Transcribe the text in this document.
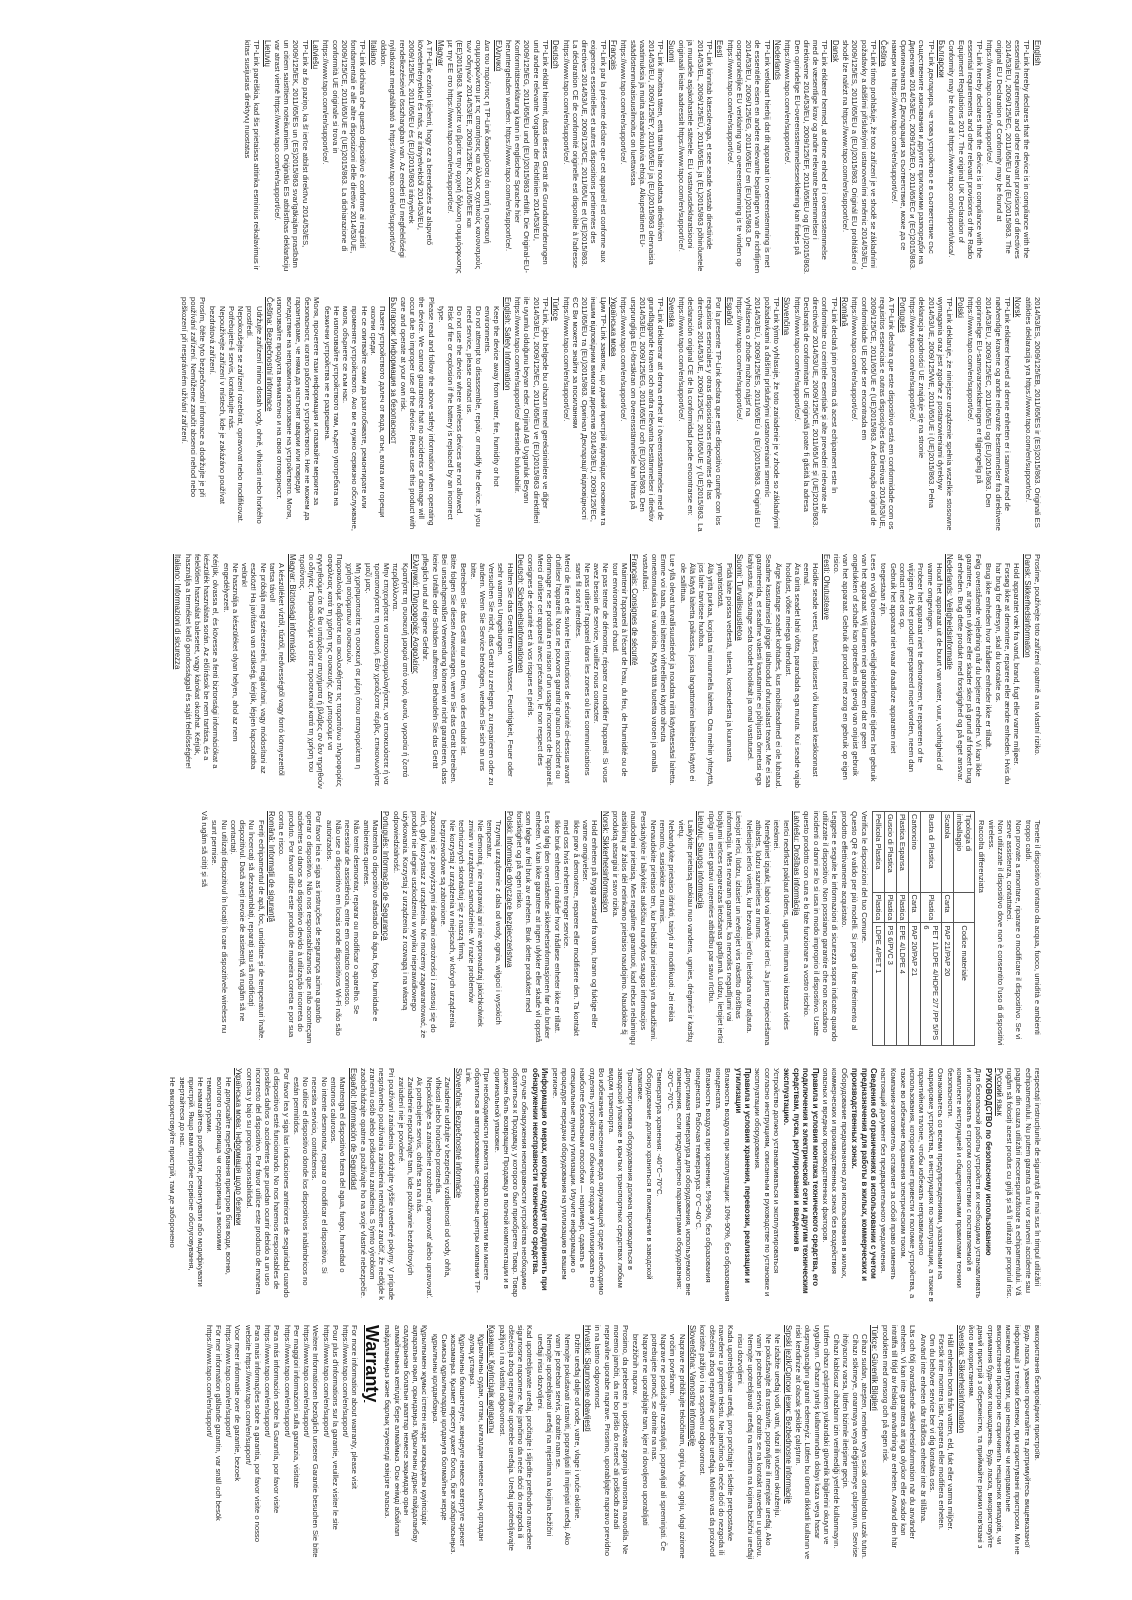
English

TP-Link hereby declares that the device is in compliance with the essential requirements and other relevant provisions of directives 2014/53/EU, 2009/125/EC, 2011/65/EU and (EU)2015/863. The original EU Declaration of Conformity may be found at https://www.tapo.com/en/support/ce/.

TP-Link hereby declares that the device is in compliance with the essential requirements and other relevant provisions of the Radio Equipment Regulations 2017. The original UK Declaration of Conformity may be found at https://www.tapo.com/support/ukca/.

Български

TP-Link декларира, че това устройство е в съответствие със съществените изисквания и другите приложими разпоредби на Директиви 2014/53/EC, 2009/125/ЕО, 2011/65/EC и (EC)2015/863. Оригиналната ЕС Декларация за съответствие, може да се намери на https://www.tapo.com/en/support/ce/.

Čeština

TP-Link tímto prohlašuje, že toto zařízení je ve shodě se základními požadavky a dalšími příslušnými ustanoveními směrnic 2014/53/EU, 2009/125/ES, 2011/65/EU a (EU)2015/863. Originál EU prohlášení o shodě lze nalézt na https://www.tapo.com/en/support/ce/.

Dansk

TP-Link erklærer hermed, at denne enhed er i overensstemmelse med de væsentlige krav og andre relevante bestemmelser i direktiverne 2014/53/EU, 2009/125/EF, 2011/65/EU og (EU)2015/863. Den oprindelige EU-overensstemmelseserklæring kan findes på https://www.tapo.com/en/support/ce/.

Nederlands

TP-Link verklaart hierbij dat dit apparaat in overeenstemming is met de essentiële eisen en andere relevante bepalingen van de richtlijnen 2014/53/EU, 2009/125/EG, 2011/65/EU en (EU)2015/863. De oorspronkelijke EU verklaring van overeenstemming is te vinden op https://www.tapo.com/en/support/ce/.

Eesti

TP-Link kinnitab käesolevaga, et see seade vastab direktiivide 2014/53/EL, 2009/125/EÜ, 2011/65/EL ja (EL)2015/863 põhinõuetele ja muudele asjakohastele sätetele. ELi vastavusdeklaratsiooni originaali leiate aadressilt https://www.tapo.com/en/support/ce/.

Suomi

TP-Link ilmoittaa täten, että tämä laite noudattaa direktiivien 2014/53/EU, 2009/125/EY, 2011/65/EU ja (EU)2015/863 olennaisia vaatimuksia ja muita asiaankuuluvia ehtoja. Alkuperäinen EU-säädöstenmukaisuusilmoitus on luettavissa https://www.tapo.com/en/support/ce/.

Français

TP-Link par la présente déclare que cet appareil est conforme aux exigences essentielles et autres dispositions pertinentes des directives 2014/53/UE, 2009/125/CE, 2011/65/UE et (UE)2015/863. La déclaration CE de conformité originelle est disponible à l'adresse https://www.tapo.com/en/support/ce/.

Deutsch

TP-Link erklärt hiermit, dass dieses Gerät die Grundanforderungen und andere relevante Vorgaben der Richtlinien 2014/53/EU, 2009/125/EG, 2011/65/EU und (EU)2015/863 erfüllt. Die Original-EU-Konformitätserklärung kann in englischer Sprache hier heruntergeladen werden: https://www.tapo.com/en/support/ce/.

Ελληνικά

Δια του παρόντος η TP-Link διακηρύσσει ότι αυτή η συσκευή συμμορφώνεται με τις απαιτήσεις και άλλους σχετικούς κανονισμούς των οδηγιών 2014/53/ΕΕ, 2009/125/ΕΚ, 2011/65/ΕΕ και (ΕΕ)2015/863. Μπορείτε να βρείτε την αρχική δήλωση συμμόρφωσης με την ΕΕ στο https://www.tapo.com/en/support/ce/.

Magyar

A TP-Link ezúton kijelenti, hogy ez a berendezés az alapvető követelményekkel és más, az irányelvekből 2014/53/EU, 2009/125/EK, 2011/65/EU és (EU)2015/863 irányelvek rendelkezéseivel összhangban van. Az eredeti EU megfelelőségi nyilatkozat megtalálható a https://www.tapo.com/en/support/ce/ oldalon.

Italiano

TP-Link dichiara che questo dispositivo è conforme ai requisiti fondamentali e alle altre disposizioni delle direttive 2014/53/UE, 2009/125/CE, 2011/65/UE e (UE)2015/863. La dichiarazione di conformità UE originale si trova in https://www.tapo.com/en/support/ce/.

Latviešu

TP-Link ar šo paziņo, ka šī ierīce atbilst direktīvu 2014/53/ES, 2009/125/EK, 2011/65/ES un (ES)2015/863 svarīgākajām prasībām un citiem saistītiem noteikumiem. Oriģinālo ES atbilstības deklarāciju var atrast vietnē https://www.tapo.com/en/support/ce/.

Lietuvių

TP-Link pareiškia, kad šis prietaisas atitinka esminius reikalavimus ir kitas susijusias direktyvų nuostatas

2014/53/ES, 2009/125/EB, 2011/65/ES ir (ES)2015/863. Originali ES atitikties deklaracija yra https://www.tapo.com/en/support/ce/.

Norsk

TP-Link erklærer herved at denne enheten er i samsvar med de nødvendige kravene og andre relevante bestemmelser fra direktivene 2014/53/EU, 2009/125/EC, 2011/65/EU og (EU)2015/863. Den opprinnelige EU-samsvarserklæringen er tilgjengelig på https://www.tapo.com/en/support/ce/.

Polski

TP-Link deklaruje, że niniejsze urządzenie spełnia wszelkie stosowne wymagania oraz jest zgodne z postanowieniami dyrektyw 2014/53/UE, 2009/125/WE, 2011/65/UE i (UE)2015/863. Pełna deklaracja zgodności UE znajduje się na stronie https://www.tapo.com/en/support/ce/.

Português

A TP-Link declara que este dispositivo está em conformidade com os requisitos essenciais e outras disposições das Diretivas 2014/53/UE, 2009/125/CE, 2011/65/UE e (UE)2015/863. A declaração original de conformidade UE pode ser encontrada em https://www.tapo.com/en/support/ce/.

Română

TP-Link declară prin prezenta că acest echipament este în conformitate cu cerințele esențiale și alte prevederi relevante ale directivelor 2014/53/UE, 2009/125/CE, 2011/65/UE și (UE)2015/863. Declarația de conformitate UE originală poate fi găsită la adresa https://www.tapo.com/en/support/ce/.

Slovenčina

TP-Link týmto vyhlasuje, že toto zariadenie je v zhode so základnými požiadavkami a ďalšími príslušnými ustanoveniami smerníc 2014/53/EÚ, 2009/125/ES, 2011/65/EÚ a (EÚ)2015/863. Originál EU vyhlásenia o zhode možno nájsť na https://www.tapo.com/en/support/ce/.

Español

Por la presente TP-Link declara que este dispositivo cumple con los requisitos esenciales y otras disposiciones relevantes de las directivas 2014/53/UE, 2009/125/CE, 2011/65/UE y (UE)2015/863. La declaración original CE de la conformidad puede encontrarse en: https://www.tapo.com/en/support/ce/.

Svenska

TP-Link deklarerar att denna enhet är i överensstämmelse med de grundläggande kraven och andra relevanta bestämmelser i direktiv 2014/53/EU, 2009/125/EG, 2011/65/EU och (EU)2015/863. Den ursprungliga EU-försäkran om överensstämmelse kan hittas på https://www.tapo.com/en/support/ce/.

Українська мова

Цим TP-Link заявляє, що даний пристрій відповідає основним та іншим відповідним вимогам директив 2014/53/EU, 2009/125/EC, 2011/65/EU та (EU)2015/863. Оригінал Декларації відповідності ЄС Ви можете знайти за посиланням https://www.tapo.com/en/support/ce/.

Türkçe

TP-Link, işbu belgede bu cihazın temel gereksinimlere ve diğer 2014/53/EU, 2009/125/EC, 2011/65/EU ve (EU)2015/863 direktifleri ile uyumlu olduğunu beyan eder. Orijinal AB Uygunluk Beyanı https://www.tapo.com/en/support/ce/ adresinde bulunabilir.

English: Safety Information

• Keep the device away from water, fire, humidity or hot environments.
• Do not attempt to disassemble, repair, or modify the device. If you need service, please contact us.
• Do not use the device where wireless devices are not allowed.
• Risk of fire or explosion if the battery is replaced by an incorrect type.

Please read and follow the above safety information when operating the device. We cannot guarantee that no accidents or damage will occur due to improper use of the device. Please use this product with care and operate at your own risk.

Български: Информация за безопасност

• Пазете устройството далеч от вода, огън, влага или горещи околни среди.
• Не се опитвайте сами да разглобявате, ремонтирате или променяте устройството. Ако ви е нужно сервизно обслужване, моля, обърнете се към нас.
• Не използвайте устройството там, където употребата на безжични устройства не е разрешена.

Моля, прочетете тази информация и спазвайте мерките за безопасност, когато работите с устройството. Ние не можем да гарантираме, че няма да настъпят аварии или повреди вследствие на неправилно използване на устройството. Моля, използвайте продукта внимателно и на своя отговорност.

Čeština: Bezpečnostní informace

• Udržujte zařízení mimo dosah vody, ohně, vlhkosti nebo horkého prostředí.
• Nepokoušejte se zařízení rozebírat, opravovat nebo modifikovat. Potřebujete-li servis, kontaktujte nás.
• Nepoužívejte zařízení v místech, kde je zakázáno používat bezdrátová zařízení.

Prosím, čtěte tyto bezpečnostní informace a dodržujte je při používání zařízení. Nemůžeme zaručit absenci nehod nebo poškození při nesprávném užívání zařízení.

Prosíme, používejte toto zařízení opatrně a na vlastní riziko.

Dansk: Sikkerhedsinformation

• Hold apparatet væk fra vand, brand, fugt eller varme miljøer.
• Forsøg ikke at demontere, reparere eller ændre enheden. Hvis du har brug for eftersyn, skal du kontakte os.
• Brug ikke enheden hvor trådløse enheder ikke er tilladt.

Følg ovenstående vejledning når du betjener enheden. Vi kan ikke garantere, at ingen ulykker eller skader sker på grund af forkert brug af enheden. Brug dette produkt med forsigtighed og på eget ansvar.

Nederlands: Veiligheidsinformatie

• Houd het apparaat uit de buurt van water, vuur, vochtigheid of warme omgevingen.
• Probeer het apparaat niet te demonteren, te repareren of te wijzigen. Als het product gerepareerd moet worden, neem dan contact met ons op.
• Gebruik het apparaat niet waar draadloze apparaten niet toegestaan zijn.

Lees en volg bovenstaande veiligheidsinformatie tijdens het gebruik van het apparaat. Wij kunnen niet garanderen dat er geen ongelukken of schade kan optreden als gevolg van onjuist gebruik van het apparaat. Gebruik dit product met zorg en gebruik op eigen risico.

Eesti: Ohutusteave

• Hoidke seade veest, tulest, niiskusest või kuumast keskkonnast eemal.
• Ära üritä seadet lahti võtta, parandada ega muuta. Kui seade vajab hooldust, võtke meiega ühendust.
• Ärge kasutage seadet kohtades, kus mobiilseadmed ei ole lubatud.

Seadme kasutamisel järgige ülaltoodud ohutusalast teavet. Me ei saa garanteerida, et seadme valesti kasutamine ei põhjusta õnnetusi ega kahjustusi. Kasutage seda toodet hoolikalt ja omal vastutusel.

Suomi: Turvallisuustietoa

• Pidä laite poissa vedestä, tulesta, kosteudesta ja kuumasta ympäristöstä.
• Älä yritä purkaa, korjata tai muunnella laitetta. Ota meihin yhteyttä, jos laite tarvitsee huoltoa.
• Älä käytä laitetta paikassa, jossa langattomien laitteiden käyttö ei ole sallittua.

Lue yllä olevat turvallisuustiedot ja noudata niitä käyttäessäsi laitetta. Emme voi taata, ettei laitteen virheellinen käyttö aiheuta onnettomuuksia tai vaurioita. Käytä tätä tuotetta varoen ja omalla vastuullasi.

Français: Consignes de sécurité

• Maintenir l'appareil à l'écart de l'eau, du feu, de l'humidité ou de tout environnement chaud.
• Ne pas tenter de démonter, réparer ou modifier l'appareil. Si vous avez besoin de service, veuillez nous contacter.
• Ne pas utiliser l'appareil dans les zones où les communications sans fil sont interdites.

Merci de lire et de suivre les instructions de sécurité ci-dessus avant d'utiliser l'appareil. Nous ne pouvons garantir qu'aucun accident ou dommage ne se produira en raison d'un usage incorrect de l'appareil. Merci d'utiliser cet appareil avec précaution, le non respect des consignes de sécurité est à vos risques et périls.

Deutsch: Sicherheitsinformationen

• Halten Sie das Gerät fern von Wasser, Feuchtigkeit, Feuer oder sehr warmen Umgebungen.
• Versuchen Sie nicht, das Gerät zu zerlegen, zu reparieren oder zu ändern. Wenn Sie Service benötigen, wenden Sie sich an uns bitte.
• Betreiben Sie das Gerät nur an Orten, wo dies erlaubt ist.

Bitte folgen Sie diesen Anweisungen, wenn Sie das Gerät betreiben. Bei unsachgemäßer Verwendung können wir nicht garantieren, dass keine Unfälle oder Schäden auftreten. Behandeln Sie das Gerät pfleglich und auf eigene Gefahr.

Ελληνικά: Πληροφορίες Ασφαλείας

• Κρατήστε τη συσκευή μακριά από νερό, φωτιά, υγρασία ή ζεστά περιβάλλοντα.
• Μην επιχειρήσετε να αποσυναρμολογήσετε, να επισκευάσετε ή να τροποποιήσετε τη συσκευή. Εάν χρειάζεστε σέρβις, επικοινωνήστε μαζί μας.
• Μη χρησιμοποιείτε τη συσκευή σε μέρη όπου απαγορεύεται η χρήση ασύρματων συσκευών.

Παρακαλούμε διαβάστε και ακολουθήστε τις παραπάνω πληροφορίες ασφάλειας κατά τη χρήση της συσκευής. Δεν μπορούμε να εγγυηθούμε ότι δε θα υπάρξουν ατυχήματα ή βλάβες αν δεν τηρηθούν οι οδηγίες. Παρακαλούμε να είστε προσεκτικοί κατά τη χρήση του προϊόντος.

Magyar: Biztonsági információk

• A készüléket víztől, tűztől, nedvességtől vagy forró környezettől tartsa távol!
• Ne próbálja meg szétszerelni, megjavítani, vagy módosítani az eszközt! Ha javításra van szükség, kérjük, lépjen kapcsolatba velünk!
• Ne használja a készüléket olyan helyen, ahol az nem engedélyezett.

Kérjük, olvassa el, és kövesse a fenti biztonsági információkat a készülék használata során. Az előírások be nem tartása, és a felelőtlen használat balesetet, vagy károkat okozhat. Kérjük, használja a terméket kellő gondossággal és saját felelősségére!

Italiano: Informazioni di sicurezza

• Tenete il dispositivo lontano da acqua, fuoco, umidità e ambienti troppo caldi.
• Non provate a smontare, riparare o modificare il dispositivo. Se vi serve assistenza, contattateci.
• Non utilizzate il dispositivo dove non è consentito l'uso di dispositivi wireless.
• Raccolta differenziata
Tipologia di imballaggio		Codice materiale
Scatola	Carta	PAP 21/PAP 20
Busta di Plastica	Plastica	PET 1/LDPE 4/HDPE 2/7 /PP 5/PS 6
Cartoncino	Carta	PAP 20/PAP 21
Plastica Espansa	Plastica	EPE 4/LDPE 4
Guscio di Plastica	Plastica	PS 6/PVC 3
Pellicola Plastica	Plastica	LDPE 4/PET 1

Verifica le disposizioni del tuo Comune.

Questo QR è valido per più modelli. Si prega di fare riferimento al prodotto effettivamente acquistato.

Leggete e seguite le informazioni di sicurezza sopra indicate quando utilizzate il dispositivo. Non possiamo garantire che non accadano incidenti o danni se lo si usa in modo improprio il dispositivo. Usate questo prodotto con cura e lo fate funzionare a vostro rischio.

Latviešu: Drošības informācija

• Ierīci nedrīkst pakļaut ūdens, uguns, mitruma vai karstas vides ietekmei.
• Nemēģiniet izjaukt, labot vai pārveidot ierīci. Ja jums nepieciešama atbalsts, lūdzu sazinieties ar mums.
• Nelietojiet ierīci vietās, kur bezvadu ierīču lietošana nav atļauta.

Lietojot ierīci, lūdzu, izlasiet un ievērojiet virs rakstīto drošības informāciju. Mēs nevaram garantēt, ka nenotiks negadījumi vai bojājumi ierīces nepareizas lietošanas gadījumā. Lūdzu, lietojiet ierīci rūpīgi un esiet gatavi uzņemties atbildību par savu rīcību.

Lietuvių: Saugos informacija

• Laikykite prietaisą atokiau nuo vandens, ugnies, drėgmės ir karštų vietų.
• Nebandykite prietaiso išrinkti, taisyti ar modifikuoti. Jei reikia remonto, susisiekite su mumis.
• Nenaudokite prietaiso ten, kur belaidžiai prietaisai yra draudžiami.

Perskaitykite ir laikykitės aukščiau nurodytos saugos informacijos naudodami prietaisą. Mes negalime garantuoti, kad nebus nelaimingų atsitikimų ar žalos dėl netinkamo prietaiso naudojimo. Naudokite šį produktą atsargiai ir savo rizika.

Norsk: Sikkerhetsinformasjon

• Hold enheten på trygg avstand fra vann, brann og fuktige eller varme omgivelser.
• Ikke prøv å demontere, reparere eller modifisere den. Ta kontakt med oss hvis enheten trenger service.
• Ikke bruk enheten i områder hvor trådløse enheter ikke er tillatt.

Les og følg den ovenstående sikkerhetsinformasjonen før du bruker enheten. Vi kan ikke garantere at ingen ulykker eller skade vil oppstå som følge av feil bruk av enheten. Bruk dette produktet med forsiktighet og på egen risiko.

Polski: Informacje dotyczące bezpieczeństwa

• Trzymaj urządzenie z dala od wody, ognia, wilgoci i wysokich temperatur.
• Nie demontuj, nie naprawiaj ani nie wprowadzaj jakichkolwiek zmian w urządzeniu samodzielnie. W razie problemów technicznych skontaktuj się z naszą firmą.
• Nie korzystaj z urządzenia w miejscach, w których urządzenia bezprzewodowe są zabronione.

Zapoznaj się z powyższymi środkami ostrożności i zastosuj się do nich, gdy korzystasz z urządzenia. Nie możemy zagwarantować, że produkt nie ulegnie uszkodzeniu w wyniku nieprawidłowego użytkowania. Korzystaj z urządzenia z rozwagą i na własną odpowiedzialność.

Português: Informação de Segurança

• Mantenha o dispositivo afastado da água, fogo, humidade e ambientes quentes.
• Não tente desmontar, reparar ou modificar o aparelho. Se necessitar de assistência, entre em contacto connosco.
• Não use o dispositivo em locais onde dispositivos Wi-Fi não são autorizados.

Por favor leia e siga as instruções de segurança acima quando operar o dispositivo. Não nos responsabilizamos que não aconteçam acidentes ou danos ao dispositivo devido à utilização incorreta do produto. Por favor utilize este produto de maneira correta e por sua conta e risco.

Română: Informații de siguranță

• Feriți echipamentul de apă, foc, umiditate și de temperaturi înalte.
• Nu încercați să dezasamblați, reparați sau să modificați dispozitivul. Dacă aveți nevoie de asistență, vă rugăm să ne contactați.
• Nu utilizați dispozitivul în locații în care dispozitivele wireless nu sunt permise.

Vă rugăm să citiți și să

respectați instrucțiunile de siguranță de mai sus în timpul utilizării echipamentului. Nu putem garanta că nu vor surveni accidente sau pagube din cauza utilizării necorespunzătoare a echipamentului. Vă rugăm să folosiți acest produs cu grijă și să îl utilizați pe propriul risc.

Русский язык

РУКОВОДСТВО по безопасному использованию

Для безопасной работы устройств их необходимо устанавливать и использовать в строгом соответствии с поставляемой в комплекте инструкцией и общепринятыми правилами техники безопасности.

Ознакомьтесь со всеми предупреждениями, указанными на маркировке устройства, в инструкциях по эксплуатации, а также в гарантийном талоне, чтобы избежать неправильного использования, которое может привести к поломке устройства, а также во избежание поражения электрическим током.

Компания-изготовитель оставляет за собой право изменять настоящий документ без предварительного уведомления.

Сведения об ограничениях в использовании с учетом предназначения для работы в жилых, коммерческих и производственных зонах.

Оборудование предназначено для использования в жилых, коммерческих и производственных зонах без воздействия опасных и вредных производственных факторов.

Правила и условия монтажа технического средства, его подключения к электрической сети и другим техническим средствам, пуска, регулирования и введения в эксплуатацию.

Устройство должно устанавливаться и эксплуатироваться согласно инструкциям, описанным в руководстве по установке и эксплуатации оборудования.

Правила и условия хранения, перевозки, реализации и утилизации

Влажность воздуха при эксплуатации: 10%-90%, без образования конденсата.

Влажность воздуха при хранении: 5%-90%, без образования конденсата. Рабочая температура: 0°C~40°C.

Допустимая температура для оборудования, используемого вне помещения, если предусмотрено параметрами оборудования: -30°C~70°C.

Температура хранения: -40°C~70°C.

Оборудование должно храниться в помещении в заводской упаковке.

Транспортировка оборудования должна производиться в заводской упаковке в крытых транспортных средствах любым видом транспорта.

Во избежание нанесения вреда окружающей среде необходимо отделять устройство от обычных отходов и утилизировать его наиболее безопасным способом — например, сдавать в специальные пункты утилизации. Изучите информацию о процедуре передачи оборудования на утилизацию в вашем регионе.

Информация о мерах, которые следует предпринять при обнаружении неисправности технического средства.

В случае обнаружения неисправности устройства необходимо обратиться к Продавцу, у которого был приобретен Товар. Товар должен быть возвращен Продавцу в полной комплектации и в оригинальной упаковке.

При необходимости ремонта товара по гарантии вы можете обратиться в авторизованные сервисные центры компании TP-Link.

Slovenčina: Bezpečnostné informácie

• Zariadenie udržujte v bezpečnej vzdialenosti od vody, ohňa, vlhkosti alebo horúceho prostredia.
• Nepokúšajte sa zariadenie rozoberať, opravovať alebo upravovať. Ak potrebujete servis, obráťte sa na nás.
• Zariadenie nepoužívajte tam, kde používanie bezdrôtových zariadení nie je povolené.

Pri používaní zariadenia dodržujte vyššie uvedené pokyny. V prípade nesprávneho používania zariadenia nemôžeme zaručiť, že nedôjde k zraneniu osôb alebo poškodeniu zariadenia. S týmto výrobkom zaobchádzajte opatrne a používajte ho na svoje vlastné nebezpečie.

Español: Información de Seguridad

• Mantenga el dispositivo fuera del agua, fuego, humedad o entornos calurosos.
• No intente desmontar, reparar o modificar el dispositivo. Si necesita servicio, contáctenos.
• No utilice el dispositivo donde los dispositivos inalámbricos no están permitidos.

Por favor lea y siga las indicaciones anteriores de seguridad cuando el dispositivo esté funcionando. No nos haremos responsables de posibles daños o accidentes que puedan ocurrir debido a un uso incorrecto del dispositivo. Por favor utilice este producto de manera correcta y bajo su propia responsabilidad.

Українська мова: Інформація щодо безпеки

• Не допускайте перебування пристрою біля води, вогню, вологого середовища чи середовища з високими температурами.
• Не намагайтесь розбирати, ремонтувати або модифікувати пристрій. Якщо вам потрібне сервісне обслуговування, звертайтеся до нас.
• Не використовуйте пристрій, там де заборонено

використання безпровідних пристроїв.

Будь ласка, уважно прочитайте та дотримуйтесь вищевказаної інформації з техніки безпеки, при користуванні пристроєм. Ми не можемо гарантувати, що неналежне чи неправильне використання пристрою не спричинить нещасних випадків, чи отримання будь-яких пошкоджень. Будь ласка, використовуйте даний пристрій з обережністю, та приймайте ризики пов'язані з його використанням.

Svenska: Säkerhetsinformation

• Håll enheten borta från vatten, eld, fukt eller varma miljöer.
• Försök inte montera isär, reparera eller modifiera enheten.
• Om du behöver service ber vi dig kontakta oss.
• Använd inte enheten där trådlösa enheter inte är tillåtna.

Läs och följ ovanstående säkerhetsinformation när du använder enheten. Vi kan inte garantera att inga olyckor eller skador kan inträffa till följd av felaktig användning av enheten. Använd den här produkten med omsorg och på egen risk.

Türkçe: Güvenlik Bilgileri

• Cihazı sudan, ateşten, nemden veya sıcak ortamlardan uzak tutun.
• Cihazı sökmeye, onarmaya veya değiştirmeye çalışmayın. Servise ihtiyacınız varsa, lütfen bizimle iletişime geçin.
• Cihazı kablosuz cihazların izin verilmediği yerlerde kullanmayın.

Lütfen cihazı çalıştırırken yukarıdaki güvenlik bilgilerini okuyun ve uygulayın. Cihazın yanlış kullanımından dolayı kaza veya hasar oluşmayacağını garanti edemeyiz. Lütfen bu ürünü dikkatli kullanın ve riski kendinize ait olacak şekilde çalıştırın.

Srpski jezik/Српски језик: Bezbednosne informacije

• Ne izlažite uređaj vodi, vatri, vlazi ili vrućem okruženju.
• Ne pokušavajte da rastavite, popravljate ili menjate uređaj. Ako vam je potreban servis, obratite se na kontakt naveden u uputstvu.
• Nemojte upotrebljavati uređaj na mestima na kojima bežični uređaji nisu dozvoljeni.

Kada upotrebljavate uređaj, prvo pročitajte i sledite pretpostavke navedene u gornjem tekstu. Ne jamčimo da neće doći do nezgoda ili oštećenja zbog nepravilne upotrebe uređaja. Molimo vas da proizvod koristite pažljivo i na sopstvenu odgovornost.

Slovenščina: Varnostne informacije

• Naprave ne približujte tekočinam, ognju, vlagi, ognju, vlagi ozirome vročim površinam.
• Naprave ne poskušajte razstavljati, popravljati ali spreminjati. Če potrebujete pomoč, se obrnite na nas.
• Naprave ne uporabljajte tam, kjer ni dovoljeno uporabljati brezžičnih naprav.

Prosimo, da preberete in upoštevate zgornja varnostna navodila. Ne moremo jamčiti, da ne bo prišlo do nesreč ali poškodb zaradi nepravilne uporabe naprave. Prosimo, uporabljajte napravo previdno in na lastno odgovornost.

Hrvatski: Sigurnosne obavijesti

• Držite uređaj dalje od vode, vatre, vlage i vruće okoline.
• Nemojte pokušavati rastaviti, popravljati ili mijenjati uređaj. Ako vam je potreban servis, obratite nam se.
• Nemojte upotrebljavati uređaj na mjestima na kojima bežični uređaji nisu dozvoljeni.

Kad upotrebljavate uređaj, pročitajte i slijedite prethodno navedene sigurnosne napomene. Ne jamčimo da neće doći do nezgoda ili oštećenja zbog nepravilne upotrebe uređaja. Uređaj upotrebljavajte pažljivo i na vlastitu odgovornost.

Қазақша: Қауіпсіздік ақпараты

• Құрылғыны судан, оттан, ылғалдан немесе ыстық ортадан аулақ ұстаңыз.
• Құрылғыны бөлшектеуге, жөндеуге немесе өзгертуге әрекет жасамаңыз. Қызмет көрсету қажет болса, бізге хабарласыңыз.
• Сымсыз құрылғыларды қолдануға болмайтын жерде құрылғыны қолданбаңыз.

Құрылғымен жұмыс істеген кезде жоғарыдағы қауіпсіздік ақпаратын оқып, орындаңыз. Құрылғыны дұрыс пайдаланбау салдарынан болатын апаттар немесе зақымдар орын алмайтынына кепілдік бере алмаймыз. Осы өнімді абайлап пайдаланыңыз және барлық тәуекелді өзіңізге аласыз.

Warranty

For more information about warranty, please visit https://www.tapo.com/en/support/

Pour plus d'informations sur la garantie, veuillez visiter le site https://www.tapo.com/en/support/

Weitere Informationen bezüglich unserer Garantie besuchen Sie bitte https://www.tapo.com/en/support/

Per maggiori informazioni sulla garanzia, visitate https://www.tapo.com/en/support/

Para más información sobre la Garantía, por favor visite https://www.tapo.com/en/support/

Para mais informações sobre a garantia, por favor visite o nosso website https://www.tapo.com/en/support/

Voor meer informatie over de garantie, bezoek https://www.tapo.com/en/support/

För mer information gällande garantin, var snäll och besök https://www.tapo.com/en/support/
